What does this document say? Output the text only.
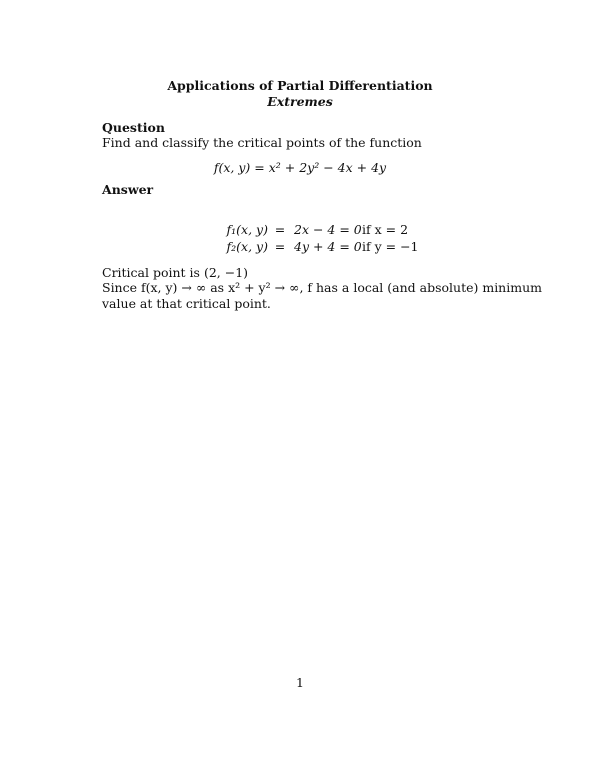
Applications of Partial Differentiation
Extremes
Question
Find and classify the critical points of the function
f(x, y) = x² + 2y² − 4x + 4y
Answer
f₁(x, y) = 2x − 4 = 0 if x = 2
f₂(x, y) = 4y + 4 = 0 if y = −1
Critical point is (2, −1)
Since f(x, y) → ∞ as x² + y² → ∞, f has a local (and absolute) minimum
value at that critical point.
1
